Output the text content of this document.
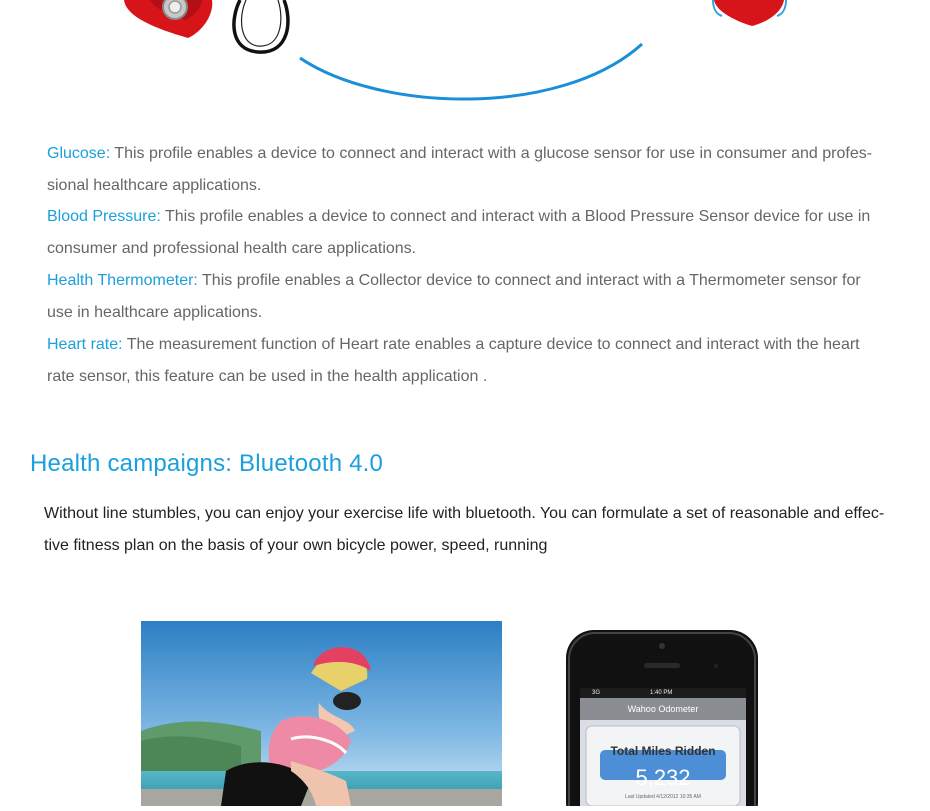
Glucose: This profile enables a device to connect and interact with a glucose sensor for use in consumer and profes-sional healthcare applications.
Blood Pressure: This profile enables a device to connect and interact with a Blood Pressure Sensor device for use in consumer and professional health care applications.
Health Thermometer: This profile enables a Collector device to connect and interact with a Thermometer sensor for use in healthcare applications.
Heart rate: The measurement function of Heart rate enables a capture device to connect and interact with the heart rate sensor, this feature can be used in the health application .
Health campaigns: Bluetooth 4.0
Without line stumbles, you can enjoy your exercise life with bluetooth. You can formulate a set of reasonable and effec-tive fitness plan on the basis of your own bicycle power, speed, running
3G	1:40 PM
Wahoo Odometer
Total Miles Ridden
5,232
Last Updated 4/12/2012 10:35 AM
